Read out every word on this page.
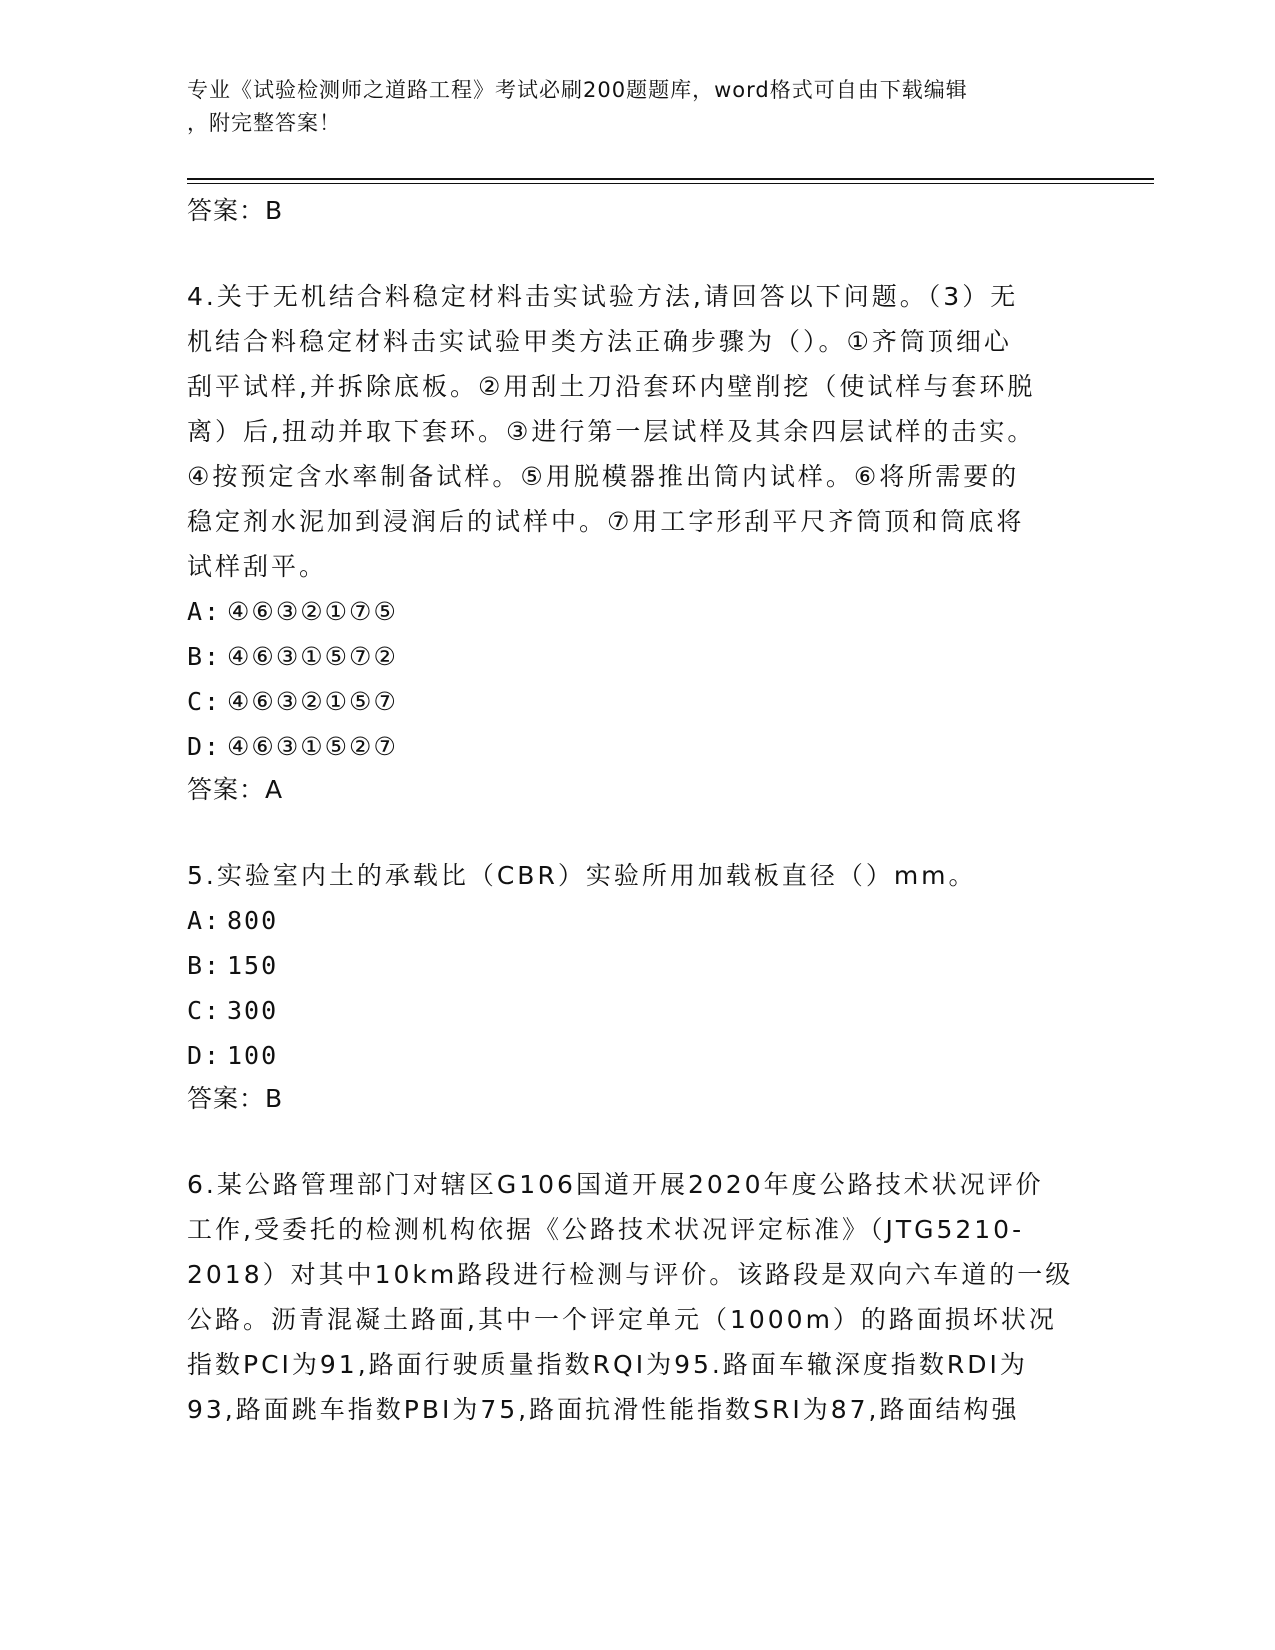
专业《试验检测师之道路工程》考试必刷200题题库，word格式可自由下载编辑
，附完整答案！
答案：B
4.关于无机结合料稳定材料击实试验方法,请回答以下问题。（3）无
机结合料稳定材料击实试验甲类方法正确步骤为（）。①齐筒顶细心
刮平试样,并拆除底板。②用刮土刀沿套环内壁削挖（使试样与套环脱
离）后,扭动并取下套环。③进行第一层试样及其余四层试样的击实。
④按预定含水率制备试样。⑤用脱模器推出筒内试样。⑥将所需要的
稳定剂水泥加到浸润后的试样中。⑦用工字形刮平尺齐筒顶和筒底将
试样刮平。
A: ④⑥③②①⑦⑤
B: ④⑥③①⑤⑦②
C: ④⑥③②①⑤⑦
D: ④⑥③①⑤②⑦
答案：A
5.实验室内土的承载比（CBR）实验所用加载板直径（）mm。
A: 800
B: 150
C: 300
D: 100
答案：B
6.某公路管理部门对辖区G106国道开展2020年度公路技术状况评价
工作,受委托的检测机构依据《公路技术状况评定标准》（JTG5210-
2018）对其中10km路段进行检测与评价。该路段是双向六车道的一级
公路。沥青混凝土路面,其中一个评定单元（1000m）的路面损坏状况
指数PCI为91,路面行驶质量指数RQI为95.路面车辙深度指数RDI为
93,路面跳车指数PBI为75,路面抗滑性能指数SRI为87,路面结构强
